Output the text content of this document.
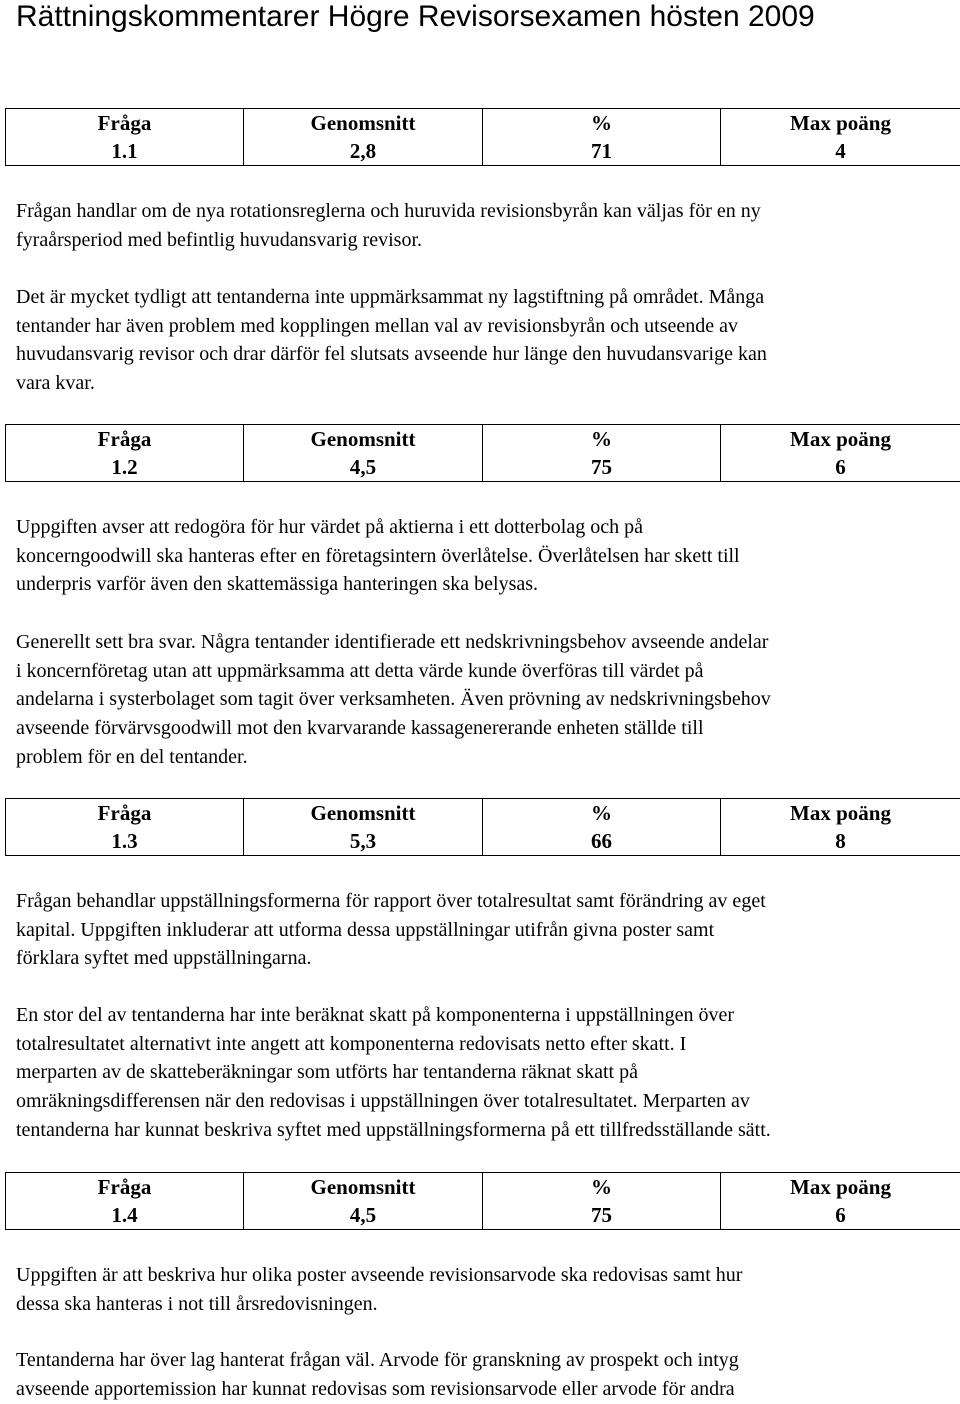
Rättningskommentarer Högre Revisorsexamen hösten 2009
Fråga	Genomsnitt	%	Max poäng
1.1	2,8	71	4

Frågan handlar om de nya rotationsreglerna och huruvida revisionsbyrån kan väljas för en ny
fyraårsperiod med befintlig huvudansvarig revisor.

Det är mycket tydligt att tentanderna inte uppmärksammat ny lagstiftning på området. Många
tentander har även problem med kopplingen mellan val av revisionsbyrån och utseende av
huvudansvarig revisor och drar därför fel slutsats avseende hur länge den huvudansvarige kan
vara kvar.

Fråga	Genomsnitt	%	Max poäng
1.2	4,5	75	6

Uppgiften avser att redogöra för hur värdet på aktierna i ett dotterbolag och på
koncerngoodwill ska hanteras efter en företagsintern överlåtelse. Överlåtelsen har skett till
underpris varför även den skattemässiga hanteringen ska belysas.

Generellt sett bra svar. Några tentander identifierade ett nedskrivningsbehov avseende andelar
i koncernföretag utan att uppmärksamma att detta värde kunde överföras till värdet på
andelarna i systerbolaget som tagit över verksamheten. Även prövning av nedskrivningsbehov
avseende förvärvsgoodwill mot den kvarvarande kassagenererande enheten ställde till
problem för en del tentander.

Fråga	Genomsnitt	%	Max poäng
1.3	5,3	66	8

Frågan behandlar uppställningsformerna för rapport över totalresultat samt förändring av eget
kapital. Uppgiften inkluderar att utforma dessa uppställningar utifrån givna poster samt
förklara syftet med uppställningarna.

En stor del av tentanderna har inte beräknat skatt på komponenterna i uppställningen över
totalresultatet alternativt inte angett att komponenterna redovisats netto efter skatt. I
merparten av de skatteberäkningar som utförts har tentanderna räknat skatt på
omräkningsdifferensen när den redovisas i uppställningen över totalresultatet. Merparten av
tentanderna har kunnat beskriva syftet med uppställningsformerna på ett tillfredsställande sätt.

Fråga	Genomsnitt	%	Max poäng
1.4	4,5	75	6

Uppgiften är att beskriva hur olika poster avseende revisionsarvode ska redovisas samt hur
dessa ska hanteras i not till årsredovisningen.

Tentanderna har över lag hanterat frågan väl. Arvode för granskning av prospekt och intyg
avseende apportemission har kunnat redovisas som revisionsarvode eller arvode för andra
